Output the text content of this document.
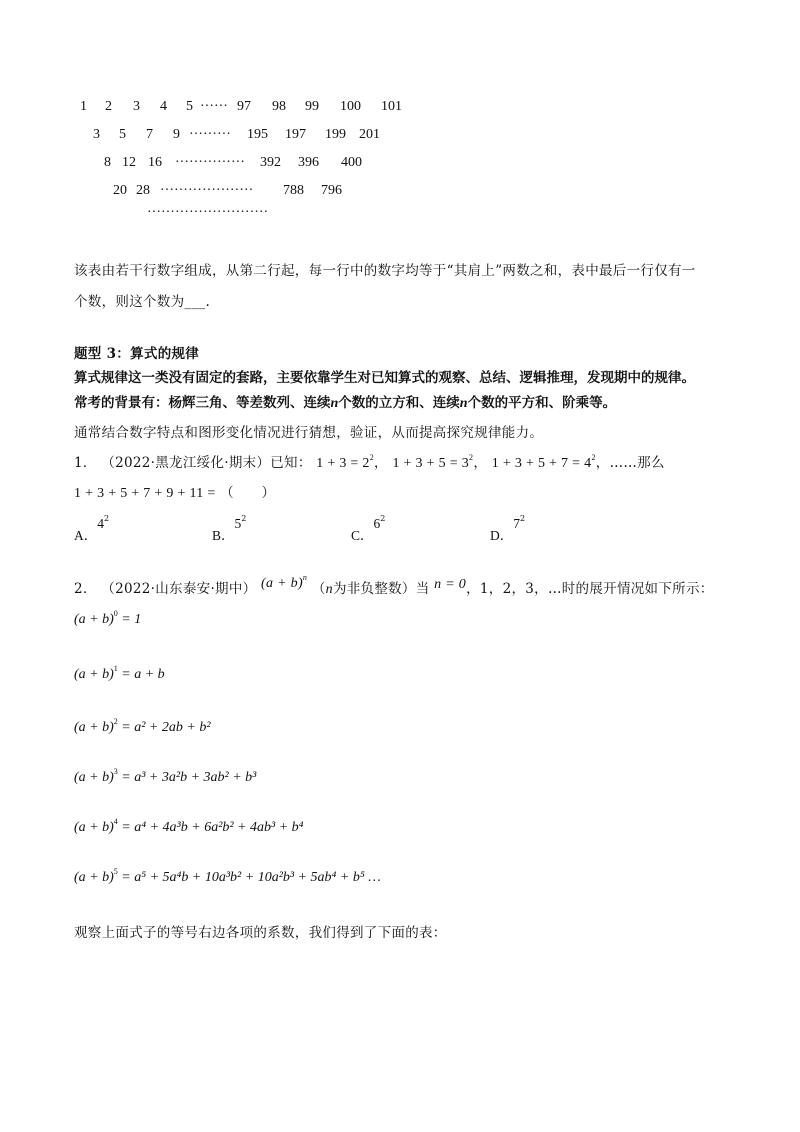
1 2 3 4 5 ······ 97 98 99 100 101
3 5 7 9 ········· 195 197 199 201
8 12 16 ··············· 392 396 400
20 28 ···················· 788 796
··························
该表由若干行数字组成，从第二行起，每一行中的数字均等于“其肩上”两数之和，表中最后一行仅有一
个数，则这个数为___.
题型 3：算式的规律
算式规律这一类没有固定的套路，主要依靠学生对已知算式的观察、总结、逻辑推理，发现期中的规律。
常考的背景有：杨辉三角、等差数列、连续n个数的立方和、连续n个数的平方和、阶乘等。
通常结合数字特点和图形变化情况进行猜想，验证，从而提高探究规律能力。
1． （2022·黑龙江绥化·期末）已知： $1 + 3 = 2^2$， $1 + 3 + 5 = 3^2$， $1 + 3 + 5 + 7 = 4^2$，……那么
1 + 3 + 5 + 7 + 9 + 11 = （　　）
A．$4^2$
B．$5^2$
C．$6^2$
D．$7^2$
2． （2022·山东泰安·期中） $(a + b)^n$ （n为非负整数）当 n = 0，1，2，3，…时的展开情况如下所示：
$(a + b)^0 = 1$
$(a + b)^1 = a + b$
$(a + b)^2 = a^2 + 2ab + b^2$
$(a + b)^3 = a^3 + 3a^2b + 3ab^2 + b^3$
$(a + b)^4 = a^4 + 4a^3b + 6a^2b^2 + 4ab^3 + b^4$
$(a + b)^5 = a^5 + 5a^4b + 10a^3b^2 + 10a^2b^3 + 5ab^4 + b^5$ …
观察上面式子的等号右边各项的系数，我们得到了下面的表：
